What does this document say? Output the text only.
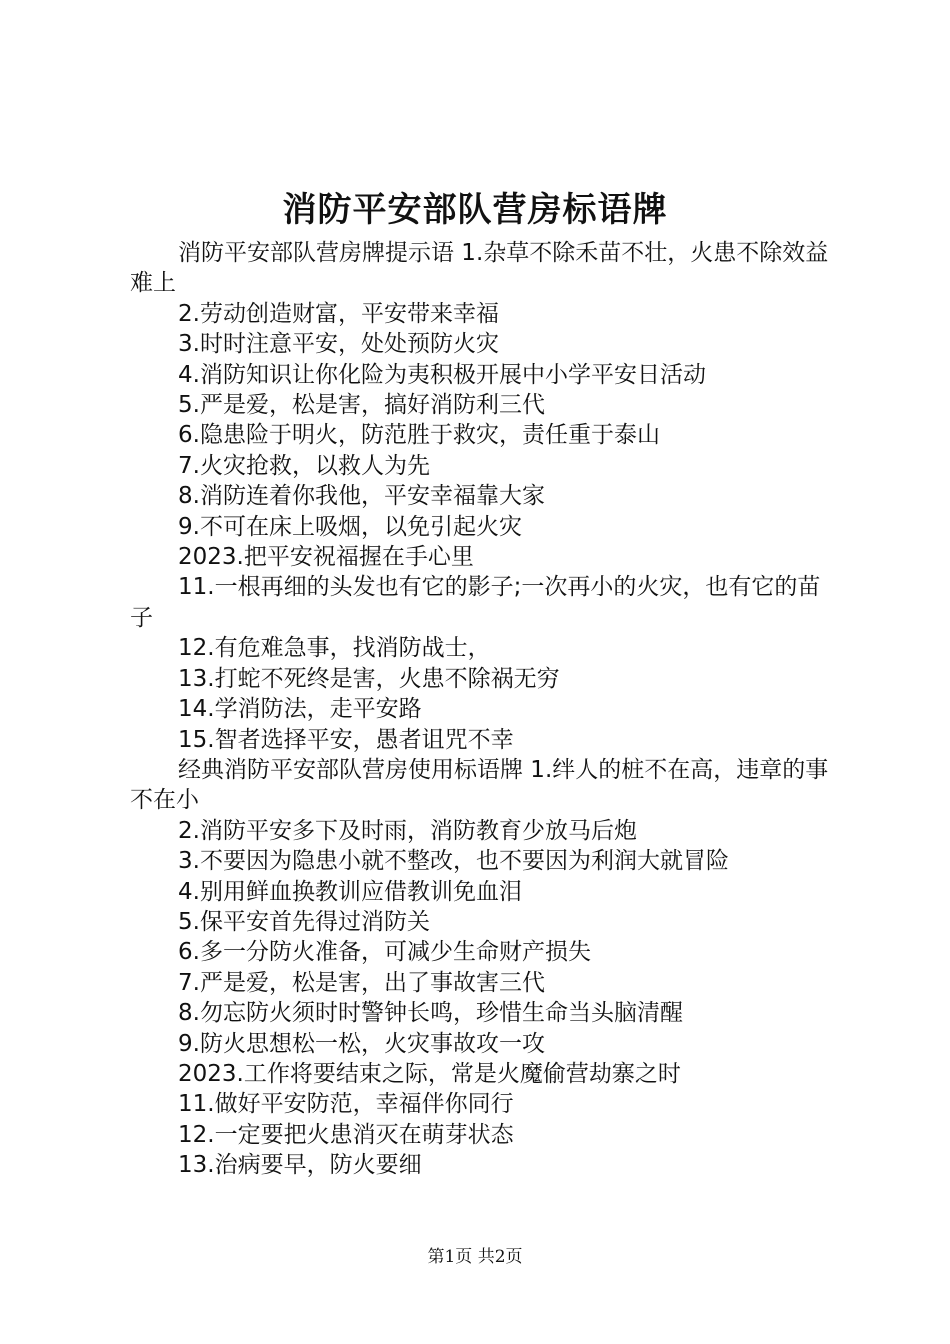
消防平安部队营房标语牌

消防平安部队营房牌提示语 1.杂草不除禾苗不壮，火患不除效益难上

2.劳动创造财富，平安带来幸福

3.时时注意平安，处处预防火灾

4.消防知识让你化险为夷积极开展中小学平安日活动

5.严是爱，松是害，搞好消防利三代

6.隐患险于明火，防范胜于救灾，责任重于泰山

7.火灾抢救，以救人为先

8.消防连着你我他，平安幸福靠大家

9.不可在床上吸烟，以免引起火灾

2023.把平安祝福握在手心里

11.一根再细的头发也有它的影子;一次再小的火灾，也有它的苗子

12.有危难急事，找消防战士，

13.打蛇不死终是害，火患不除祸无穷

14.学消防法，走平安路

15.智者选择平安，愚者诅咒不幸

经典消防平安部队营房使用标语牌 1.绊人的桩不在高，违章的事不在小

2.消防平安多下及时雨，消防教育少放马后炮

3.不要因为隐患小就不整改，也不要因为利润大就冒险

4.别用鲜血换教训应借教训免血泪

5.保平安首先得过消防关

6.多一分防火准备，可减少生命财产损失

7.严是爱，松是害，出了事故害三代

8.勿忘防火须时时警钟长鸣，珍惜生命当头脑清醒

9.防火思想松一松，火灾事故攻一攻

2023.工作将要结束之际，常是火魔偷营劫寨之时

11.做好平安防范，幸福伴你同行

12.一定要把火患消灭在萌芽状态

13.治病要早，防火要细

第1页 共2页
